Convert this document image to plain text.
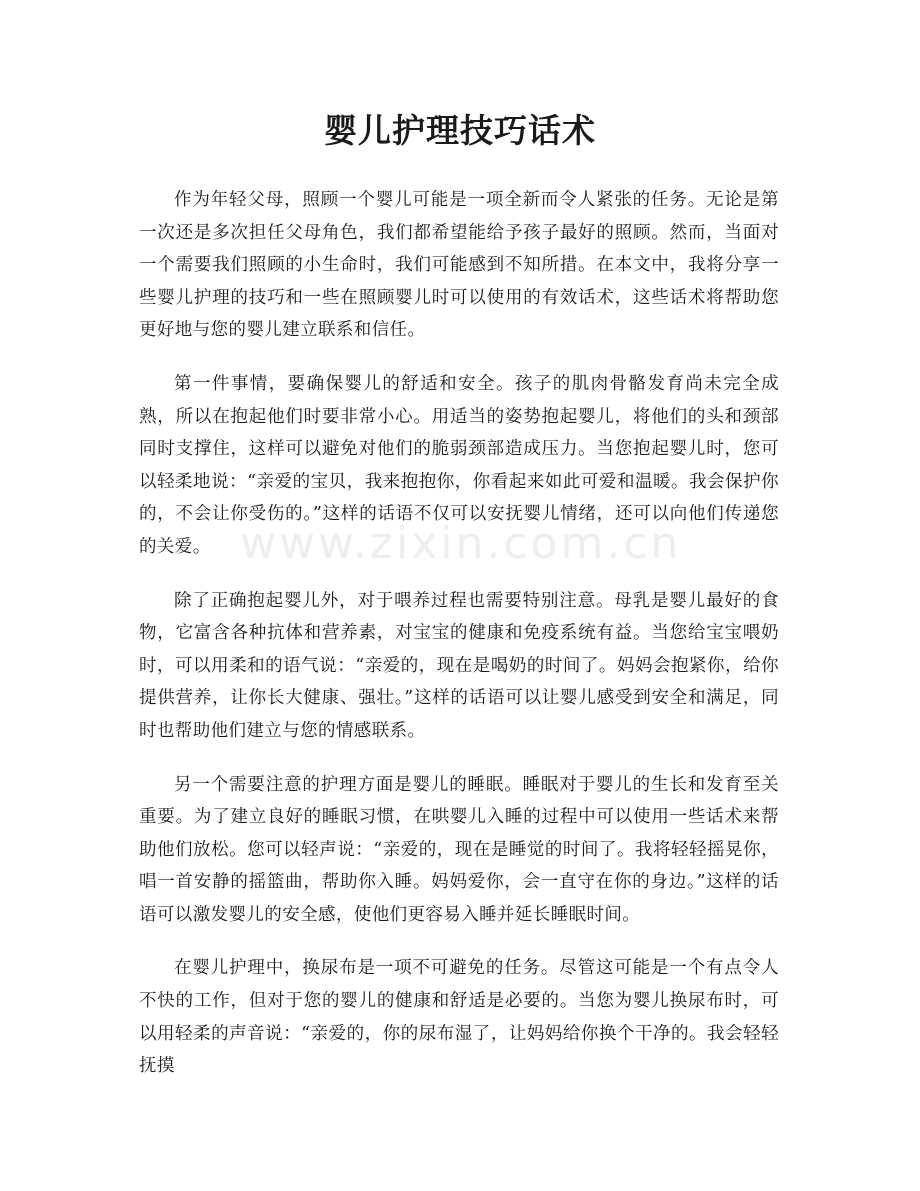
婴儿护理技巧话术

作为年轻父母，照顾一个婴儿可能是一项全新而令人紧张的任务。无论是第一次还是多次担任父母角色，我们都希望能给予孩子最好的照顾。然而，当面对一个需要我们照顾的小生命时，我们可能感到不知所措。在本文中，我将分享一些婴儿护理的技巧和一些在照顾婴儿时可以使用的有效话术，这些话术将帮助您更好地与您的婴儿建立联系和信任。

第一件事情，要确保婴儿的舒适和安全。孩子的肌肉骨骼发育尚未完全成熟，所以在抱起他们时要非常小心。用适当的姿势抱起婴儿，将他们的头和颈部同时支撑住，这样可以避免对他们的脆弱颈部造成压力。当您抱起婴儿时，您可以轻柔地说：“亲爱的宝贝，我来抱抱你，你看起来如此可爱和温暖。我会保护你的，不会让你受伤的。”这样的话语不仅可以安抚婴儿情绪，还可以向他们传递您的关爱。

除了正确抱起婴儿外，对于喂养过程也需要特别注意。母乳是婴儿最好的食物，它富含各种抗体和营养素，对宝宝的健康和免疫系统有益。当您给宝宝喂奶时，可以用柔和的语气说：“亲爱的，现在是喝奶的时间了。妈妈会抱紧你，给你提供营养，让你长大健康、强壮。”这样的话语可以让婴儿感受到安全和满足，同时也帮助他们建立与您的情感联系。

另一个需要注意的护理方面是婴儿的睡眠。睡眠对于婴儿的生长和发育至关重要。为了建立良好的睡眠习惯，在哄婴儿入睡的过程中可以使用一些话术来帮助他们放松。您可以轻声说：“亲爱的，现在是睡觉的时间了。我将轻轻摇晃你，唱一首安静的摇篮曲，帮助你入睡。妈妈爱你，会一直守在你的身边。”这样的话语可以激发婴儿的安全感，使他们更容易入睡并延长睡眠时间。

在婴儿护理中，换尿布是一项不可避免的任务。尽管这可能是一个有点令人不快的工作，但对于您的婴儿的健康和舒适是必要的。当您为婴儿换尿布时，可以用轻柔的声音说：“亲爱的，你的尿布湿了，让妈妈给你换个干净的。我会轻轻抚摸

www.zixin.com.cn
